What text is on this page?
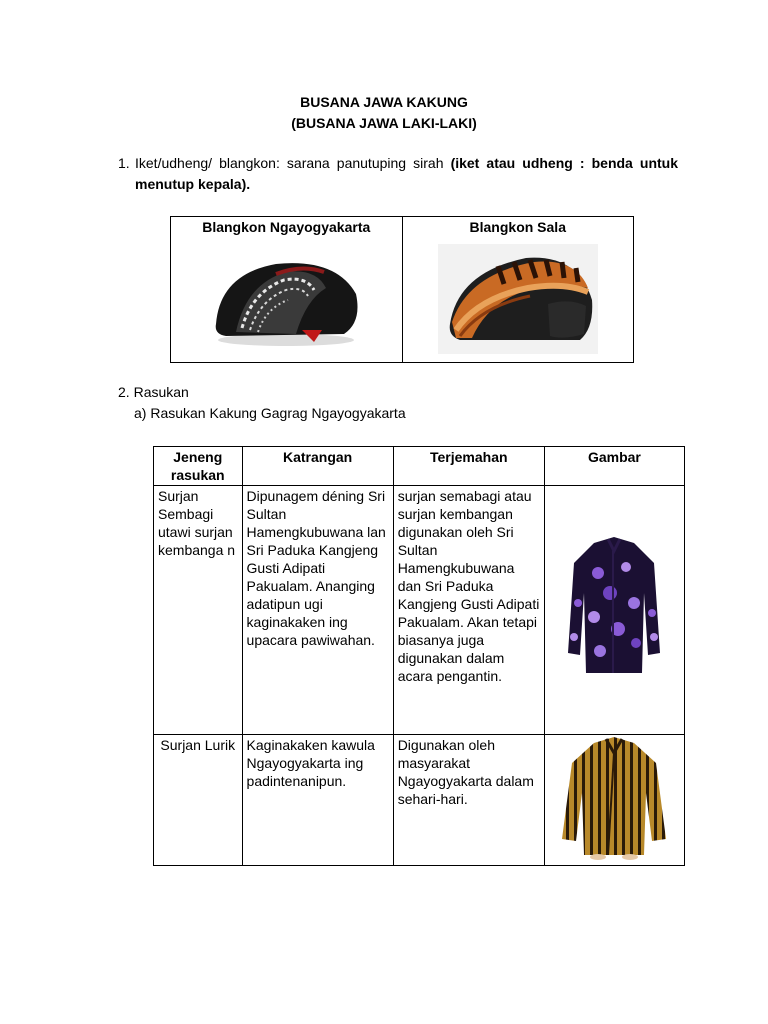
BUSANA JAWA KAKUNG
(BUSANA JAWA LAKI-LAKI)
1. Iket/udheng/ blangkon: sarana panutuping sirah (iket atau udheng : benda untuk menutup kepala).
Blangkon Ngayogyakarta	Blangkon Sala
2. Rasukan
a) Rasukan Kakung Gagrag Ngayogyakarta
Jeneng rasukan	Katrangan	Terjemahan	Gambar
Surjan Sembagi utawi surjan kembanga n	Dipunagem déning Sri Sultan Hamengkubuwana lan Sri Paduka Kangjeng Gusti Adipati Pakualam. Ananging adatipun ugi kaginakaken ing upacara pawiwahan.	surjan semabagi atau surjan kembangan digunakan oleh Sri Sultan Hamengkubuwana dan Sri Paduka Kangjeng Gusti Adipati Pakualam. Akan tetapi biasanya juga digunakan dalam acara pengantin.	
Surjan Lurik	Kaginakaken kawula Ngayogyakarta ing padintenanipun.	Digunakan oleh masyarakat Ngayogyakarta dalam sehari-hari.	
